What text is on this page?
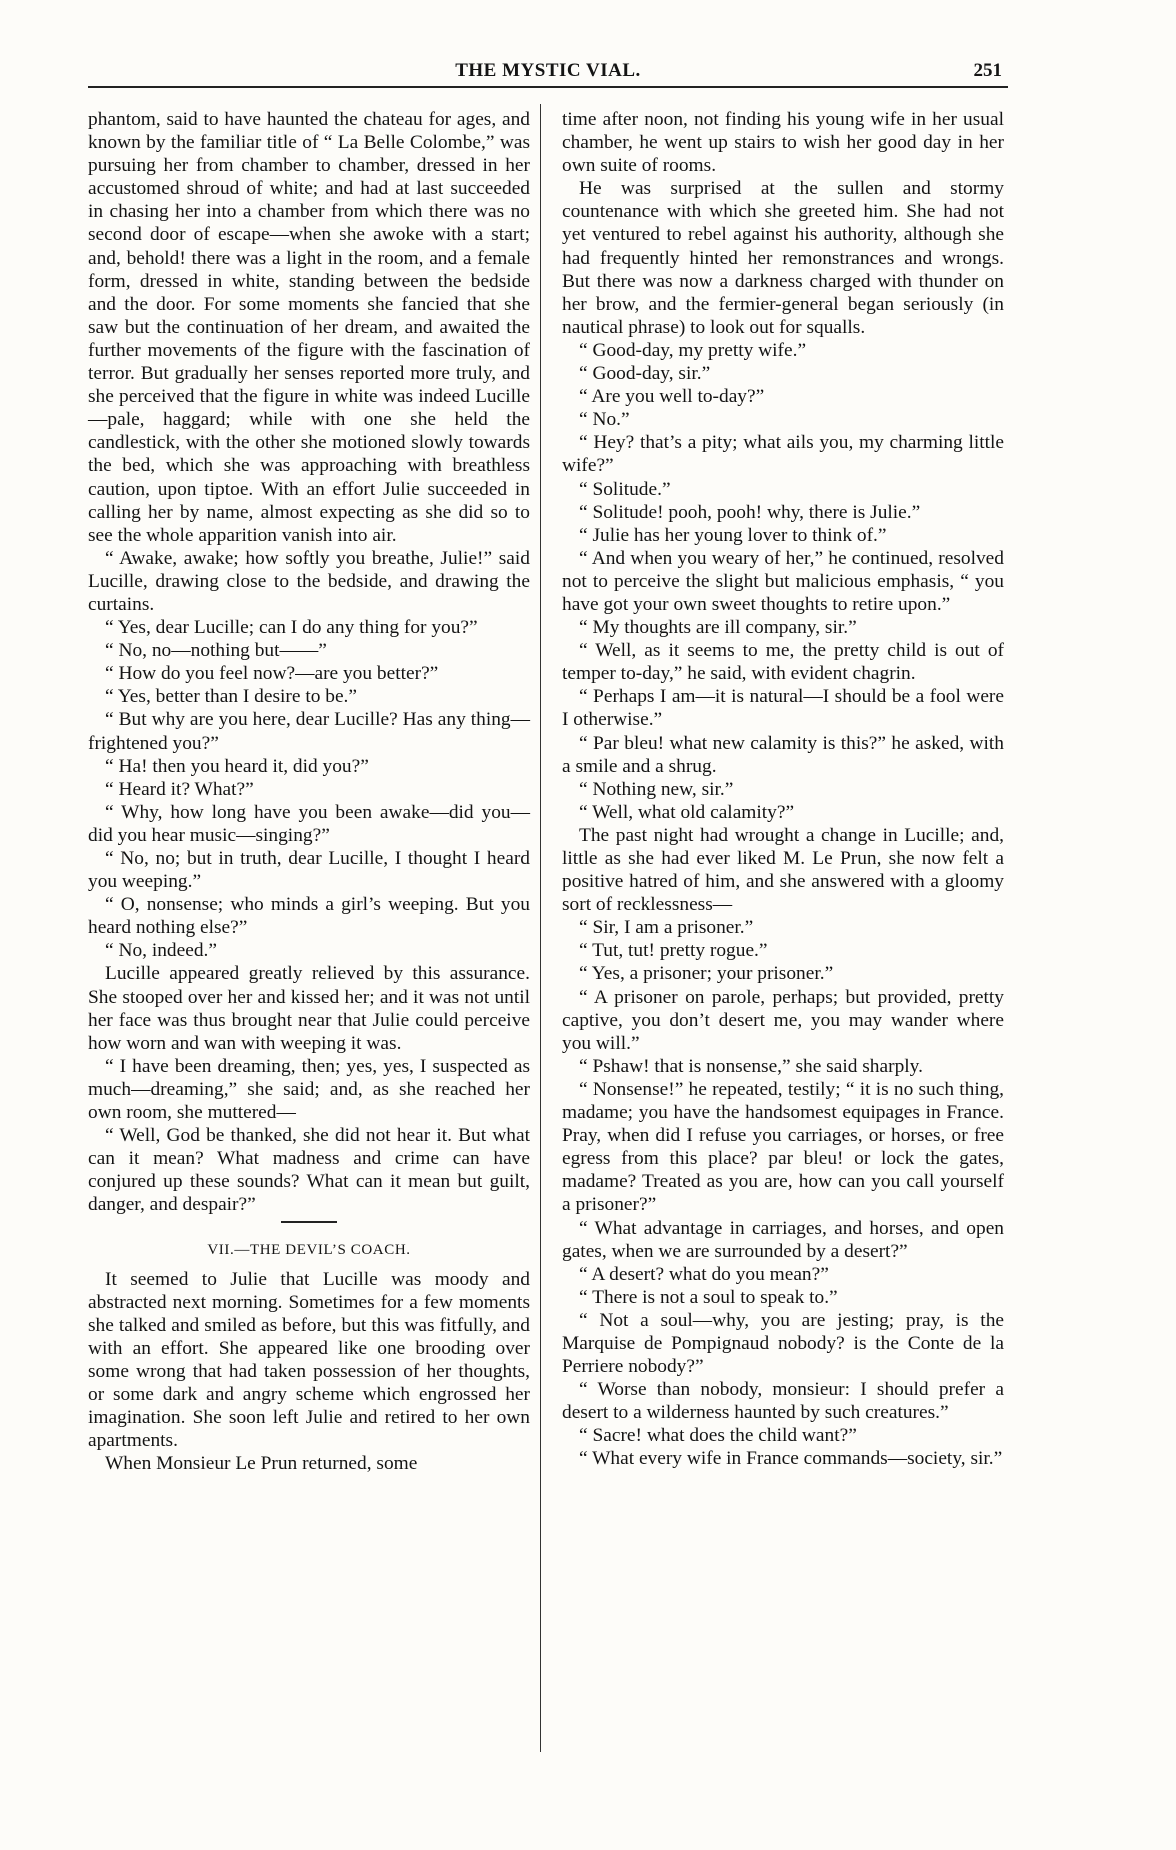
THE MYSTIC VIAL.	251

phantom, said to have haunted the chateau for ages, and known by the familiar title of “ La Belle Colombe,” was pursuing her from chamber to chamber, dressed in her accustomed shroud of white; and had at last succeeded in chasing her into a chamber from which there was no second door of escape—when she awoke with a start; and, behold! there was a light in the room, and a female form, dressed in white, standing between the bedside and the door. For some moments she fancied that she saw but the continuation of her dream, and awaited the further movements of the figure with the fascination of terror. But gradually her senses reported more truly, and she perceived that the figure in white was indeed Lucille—pale, haggard; while with one she held the candlestick, with the other she motioned slowly towards the bed, which she was approaching with breathless caution, upon tiptoe. With an effort Julie succeeded in calling her by name, almost expecting as she did so to see the whole apparition vanish into air.

“ Awake, awake; how softly you breathe, Julie!” said Lucille, drawing close to the bedside, and drawing the curtains.

“ Yes, dear Lucille; can I do any thing for you?”

“ No, no—nothing but——”

“ How do you feel now?—are you better?”

“ Yes, better than I desire to be.”

“ But why are you here, dear Lucille? Has any thing—frightened you?”

“ Ha! then you heard it, did you?”

“ Heard it? What?”

“ Why, how long have you been awake—did you—did you hear music—singing?”

“ No, no; but in truth, dear Lucille, I thought I heard you weeping.”

“ O, nonsense; who minds a girl’s weeping. But you heard nothing else?”

“ No, indeed.”

Lucille appeared greatly relieved by this assurance. She stooped over her and kissed her; and it was not until her face was thus brought near that Julie could perceive how worn and wan with weeping it was.

“ I have been dreaming, then; yes, yes, I suspected as much—dreaming,” she said; and, as she reached her own room, she muttered—

“ Well, God be thanked, she did not hear it. But what can it mean? What madness and crime can have conjured up these sounds? What can it mean but guilt, danger, and despair?”

VII.—THE DEVIL’S COACH.

It seemed to Julie that Lucille was moody and abstracted next morning. Sometimes for a few moments she talked and smiled as before, but this was fitfully, and with an effort. She appeared like one brooding over some wrong that had taken possession of her thoughts, or some dark and angry scheme which engrossed her imagination. She soon left Julie and retired to her own apartments.

When Monsieur Le Prun returned, some

time after noon, not finding his young wife in her usual chamber, he went up stairs to wish her good day in her own suite of rooms.

He was surprised at the sullen and stormy countenance with which she greeted him. She had not yet ventured to rebel against his authority, although she had frequently hinted her remonstrances and wrongs. But there was now a darkness charged with thunder on her brow, and the fermier-general began seriously (in nautical phrase) to look out for squalls.

“ Good-day, my pretty wife.”

“ Good-day, sir.”

“ Are you well to-day?”

“ No.”

“ Hey? that’s a pity; what ails you, my charming little wife?”

“ Solitude.”

“ Solitude! pooh, pooh! why, there is Julie.”

“ Julie has her young lover to think of.”

“ And when you weary of her,” he continued, resolved not to perceive the slight but malicious emphasis, “ you have got your own sweet thoughts to retire upon.”

“ My thoughts are ill company, sir.”

“ Well, as it seems to me, the pretty child is out of temper to-day,” he said, with evident chagrin.

“ Perhaps I am—it is natural—I should be a fool were I otherwise.”

“ Par bleu! what new calamity is this?” he asked, with a smile and a shrug.

“ Nothing new, sir.”

“ Well, what old calamity?”

The past night had wrought a change in Lucille; and, little as she had ever liked M. Le Prun, she now felt a positive hatred of him, and she answered with a gloomy sort of recklessness—

“ Sir, I am a prisoner.”

“ Tut, tut! pretty rogue.”

“ Yes, a prisoner; your prisoner.”

“ A prisoner on parole, perhaps; but provided, pretty captive, you don’t desert me, you may wander where you will.”

“ Pshaw! that is nonsense,” she said sharply.

“ Nonsense!” he repeated, testily; “ it is no such thing, madame; you have the handsomest equipages in France. Pray, when did I refuse you carriages, or horses, or free egress from this place? par bleu! or lock the gates, madame? Treated as you are, how can you call yourself a prisoner?”

“ What advantage in carriages, and horses, and open gates, when we are surrounded by a desert?”

“ A desert? what do you mean?”

“ There is not a soul to speak to.”

“ Not a soul—why, you are jesting; pray, is the Marquise de Pompignaud nobody? is the Conte de la Perriere nobody?”

“ Worse than nobody, monsieur: I should prefer a desert to a wilderness haunted by such creatures.”

“ Sacre! what does the child want?”

“ What every wife in France commands—society, sir.”
